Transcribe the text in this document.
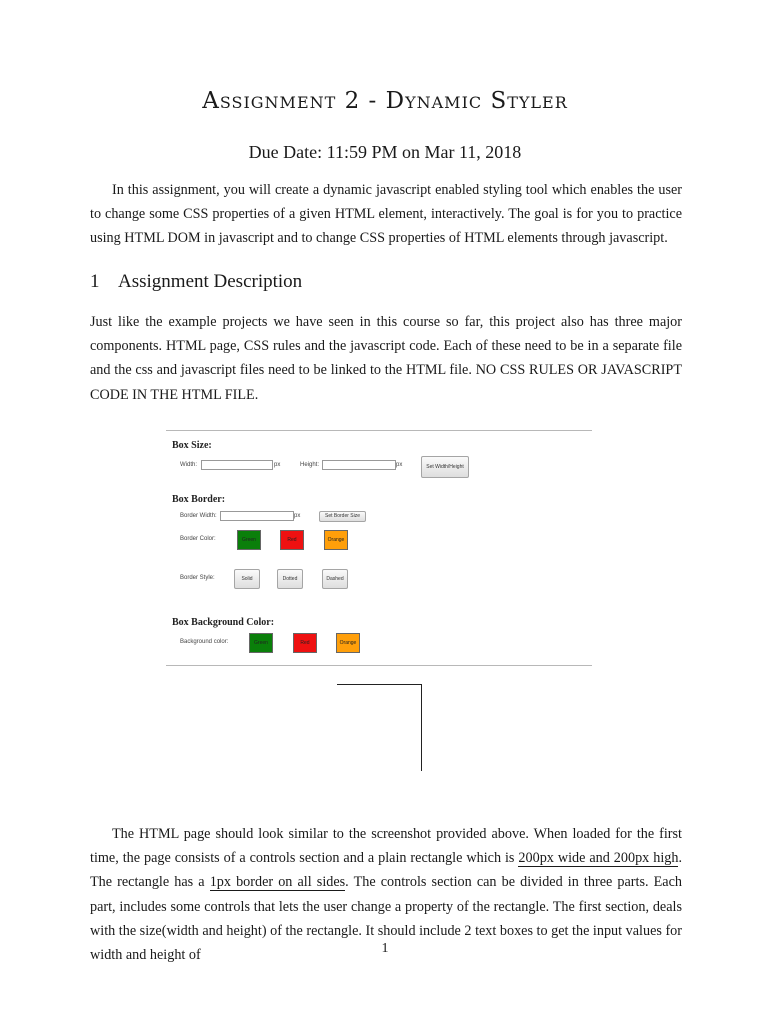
Assignment 2 - Dynamic Styler
Due Date: 11:59 PM on Mar 11, 2018

In this assignment, you will create a dynamic javascript enabled styling tool which enables the user to change some CSS properties of a given HTML element, interactively. The goal is for you to practice using HTML DOM in javascript and to change CSS properties of HTML elements through javascript.

1 Assignment Description

Just like the example projects we have seen in this course so far, this project also has three major components. HTML page, CSS rules and the javascript code. Each of these need to be in a separate file and the css and javascript files need to be linked to the HTML file. NO CSS RULES OR JAVASCRIPT CODE IN THE HTML FILE.

Box Size:
Width:	px	Height:	px	Set Width/Height
Box Border:
Border Width:	px	Set Border Size
Border Color:	Green	Red	Orange
Border Style:	Solid	Dotted	Dashed
Box Background Color:
Background color:	Green	Red	Orange

The HTML page should look similar to the screenshot provided above. When loaded for the first time, the page consists of a controls section and a plain rectangle which is 200px wide and 200px high. The rectangle has a 1px border on all sides. The controls section can be divided in three parts. Each part, includes some controls that lets the user change a property of the rectangle. The first section, deals with the size(width and height) of the rectangle. It should include 2 text boxes to get the input values for width and height of	1
